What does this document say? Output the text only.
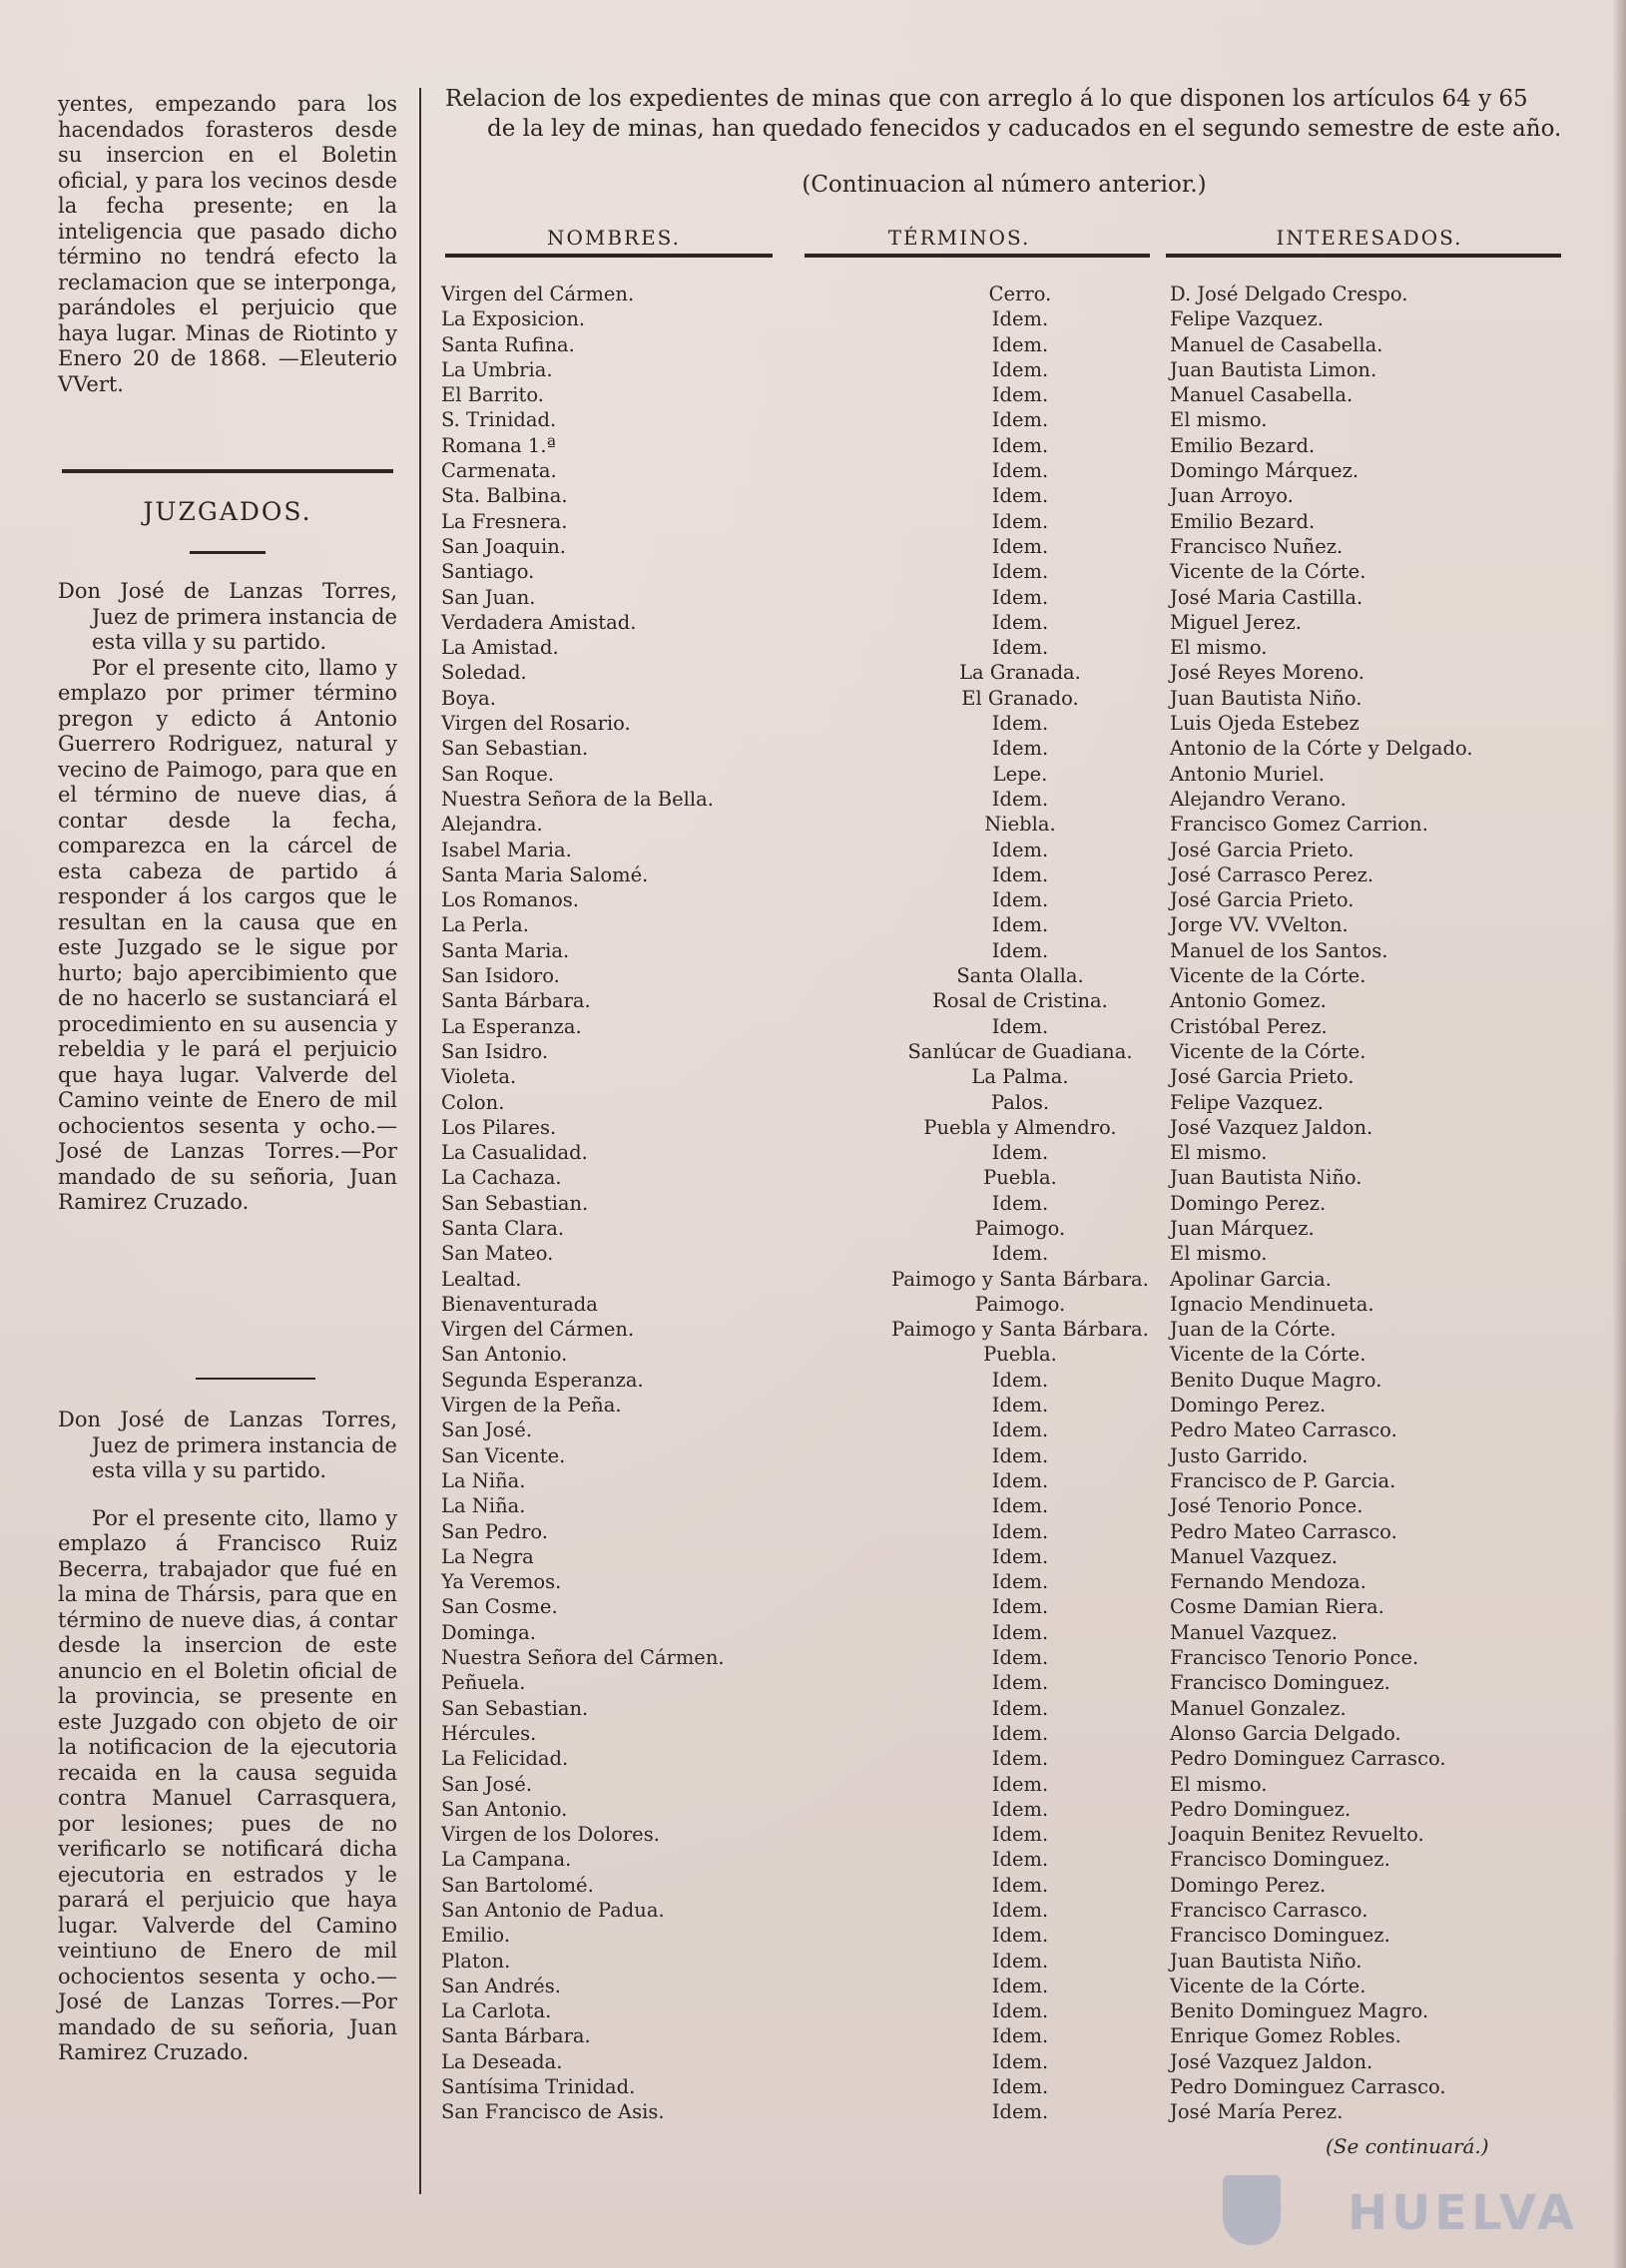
yentes, empezando para los hacendados forasteros desde su insercion en el Boletin oficial, y para los vecinos desde la fecha presente; en la inteligencia que pasado dicho término no tendrá efecto la reclamacion que se interponga, parándoles el perjuicio que haya lugar. Minas de Riotinto y Enero 20 de 1868. —Eleuterio VVert.

JUZGADOS.

Don José de Lanzas Torres, Juez de primera instancia de esta villa y su partido.

Por el presente cito, llamo y emplazo por primer término pregon y edicto á Antonio Guerrero Rodriguez, natural y vecino de Paimogo, para que en el término de nueve dias, á contar desde la fecha, comparezca en la cárcel de esta cabeza de partido á responder á los cargos que le resultan en la causa que en este Juzgado se le sigue por hurto; bajo apercibimiento que de no hacerlo se sustanciará el procedimiento en su ausencia y rebeldia y le pará el perjuicio que haya lugar. Valverde del Camino veinte de Enero de mil ochocientos sesenta y ocho.—José de Lanzas Torres.—Por mandado de su señoria, Juan Ramirez Cruzado.

Don José de Lanzas Torres, Juez de primera instancia de esta villa y su partido.

Por el presente cito, llamo y emplazo á Francisco Ruiz Becerra, trabajador que fué en la mina de Thársis, para que en término de nueve dias, á contar desde la insercion de este anuncio en el Boletin oficial de la provincia, se presente en este Juzgado con objeto de oir la notificacion de la ejecutoria recaida en la causa seguida contra Manuel Carrasquera, por lesiones; pues de no verificarlo se notificará dicha ejecutoria en estrados y le parará el perjuicio que haya lugar. Valverde del Camino veintiuno de Enero de mil ochocientos sesenta y ocho.—José de Lanzas Torres.—Por mandado de su señoria, Juan Ramirez Cruzado.

Relacion de los expedientes de minas que con arreglo á lo que disponen los artículos 64 y 65
de la ley de minas, han quedado fenecidos y caducados en el segundo semestre de este año.
(Continuacion al número anterior.)
NOMBRES.	TÉRMINOS.	INTERESADOS.
Virgen del Cármen.	Cerro.	D. José Delgado Crespo.
La Exposicion.	Idem.	Felipe Vazquez.
Santa Rufina.	Idem.	Manuel de Casabella.
La Umbria.	Idem.	Juan Bautista Limon.
El Barrito.	Idem.	Manuel Casabella.
S. Trinidad.	Idem.	El mismo.
Romana 1.ª	Idem.	Emilio Bezard.
Carmenata.	Idem.	Domingo Márquez.
Sta. Balbina.	Idem.	Juan Arroyo.
La Fresnera.	Idem.	Emilio Bezard.
San Joaquin.	Idem.	Francisco Nuñez.
Santiago.	Idem.	Vicente de la Córte.
San Juan.	Idem.	José Maria Castilla.
Verdadera Amistad.	Idem.	Miguel Jerez.
La Amistad.	Idem.	El mismo.
Soledad.	La Granada.	José Reyes Moreno.
Boya.	El Granado.	Juan Bautista Niño.
Virgen del Rosario.	Idem.	Luis Ojeda Estebez
San Sebastian.	Idem.	Antonio de la Córte y Delgado.
San Roque.	Lepe.	Antonio Muriel.
Nuestra Señora de la Bella.	Idem.	Alejandro Verano.
Alejandra.	Niebla.	Francisco Gomez Carrion.
Isabel Maria.	Idem.	José Garcia Prieto.
Santa Maria Salomé.	Idem.	José Carrasco Perez.
Los Romanos.	Idem.	José Garcia Prieto.
La Perla.	Idem.	Jorge VV. VVelton.
Santa Maria.	Idem.	Manuel de los Santos.
San Isidoro.	Santa Olalla.	Vicente de la Córte.
Santa Bárbara.	Rosal de Cristina.	Antonio Gomez.
La Esperanza.	Idem.	Cristóbal Perez.
San Isidro.	Sanlúcar de Guadiana.	Vicente de la Córte.
Violeta.	La Palma.	José Garcia Prieto.
Colon.	Palos.	Felipe Vazquez.
Los Pilares.	Puebla y Almendro.	José Vazquez Jaldon.
La Casualidad.	Idem.	El mismo.
La Cachaza.	Puebla.	Juan Bautista Niño.
San Sebastian.	Idem.	Domingo Perez.
Santa Clara.	Paimogo.	Juan Márquez.
San Mateo.	Idem.	El mismo.
Lealtad.	Paimogo y Santa Bárbara.	Apolinar Garcia.
Bienaventurada	Paimogo.	Ignacio Mendinueta.
Virgen del Cármen.	Paimogo y Santa Bárbara.	Juan de la Córte.
San Antonio.	Puebla.	Vicente de la Córte.
Segunda Esperanza.	Idem.	Benito Duque Magro.
Virgen de la Peña.	Idem.	Domingo Perez.
San José.	Idem.	Pedro Mateo Carrasco.
San Vicente.	Idem.	Justo Garrido.
La Niña.	Idem.	Francisco de P. Garcia.
La Niña.	Idem.	José Tenorio Ponce.
San Pedro.	Idem.	Pedro Mateo Carrasco.
La Negra	Idem.	Manuel Vazquez.
Ya Veremos.	Idem.	Fernando Mendoza.
San Cosme.	Idem.	Cosme Damian Riera.
Dominga.	Idem.	Manuel Vazquez.
Nuestra Señora del Cármen.	Idem.	Francisco Tenorio Ponce.
Peñuela.	Idem.	Francisco Dominguez.
San Sebastian.	Idem.	Manuel Gonzalez.
Hércules.	Idem.	Alonso Garcia Delgado.
La Felicidad.	Idem.	Pedro Dominguez Carrasco.
San José.	Idem.	El mismo.
San Antonio.	Idem.	Pedro Dominguez.
Virgen de los Dolores.	Idem.	Joaquin Benitez Revuelto.
La Campana.	Idem.	Francisco Dominguez.
San Bartolomé.	Idem.	Domingo Perez.
San Antonio de Padua.	Idem.	Francisco Carrasco.
Emilio.	Idem.	Francisco Dominguez.
Platon.	Idem.	Juan Bautista Niño.
San Andrés.	Idem.	Vicente de la Córte.
La Carlota.	Idem.	Benito Dominguez Magro.
Santa Bárbara.	Idem.	Enrique Gomez Robles.
La Deseada.	Idem.	José Vazquez Jaldon.
Santísima Trinidad.	Idem.	Pedro Dominguez Carrasco.
San Francisco de Asis.	Idem.	José María Perez.
(Se continuará.)
HUELVA
